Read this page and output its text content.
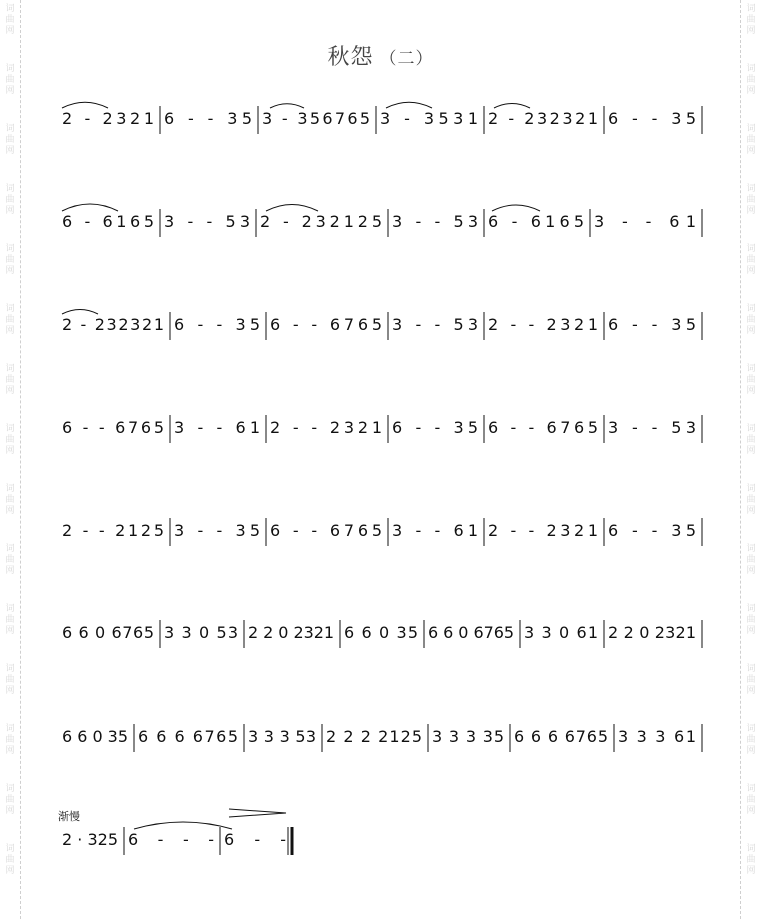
词
曲
网
词
曲
网
词
曲
网
词
曲
网
词
曲
网
词
曲
网
词
曲
网
词
曲
网
词
曲
网
词
曲
网
词
曲
网
词
曲
网
词
曲
网
词
曲
网
词
曲
网
词
曲
网
词
曲
网
词
曲
网
词
曲
网
词
曲
网
词
曲
网
词
曲
网
词
曲
网
词
曲
网
词
曲
网
词
曲
网
词
曲
网
词
曲
网
词
曲
网
词
曲
网
秋怨 （二）
渐慢
2 - 2321 6 - - 35 3 - 356765 3 - 3531 2 - 232321 6 - - 35
6 - 6165 3 - - 53 2 - 232125 3 - - 53 6 - 6165 3 - - 61
2 - 232321 6 - - 35 6 - - 6765 3 - - 53 2 - - 2321 6 - - 35
6 - - 6765 3 - - 61 2 - - 2321 6 - - 35 6 - - 6765 3 - - 53
2 - - 2125 3 - - 35 6 - - 6765 3 - - 61 2 - - 2321 6 - - 35
6 6 0 6765 3 3 0 53 2 2 0 2321 6 6 0 35 6 6 0 6765 3 3 0 61 2 2 0 2321
6 6 0 35 6 6 6 6765 3 3 3 53 2 2 2 2125 3 3 3 35 6 6 6 6765 3 3 3 61
2 · 325 6 - - - 6 - -
